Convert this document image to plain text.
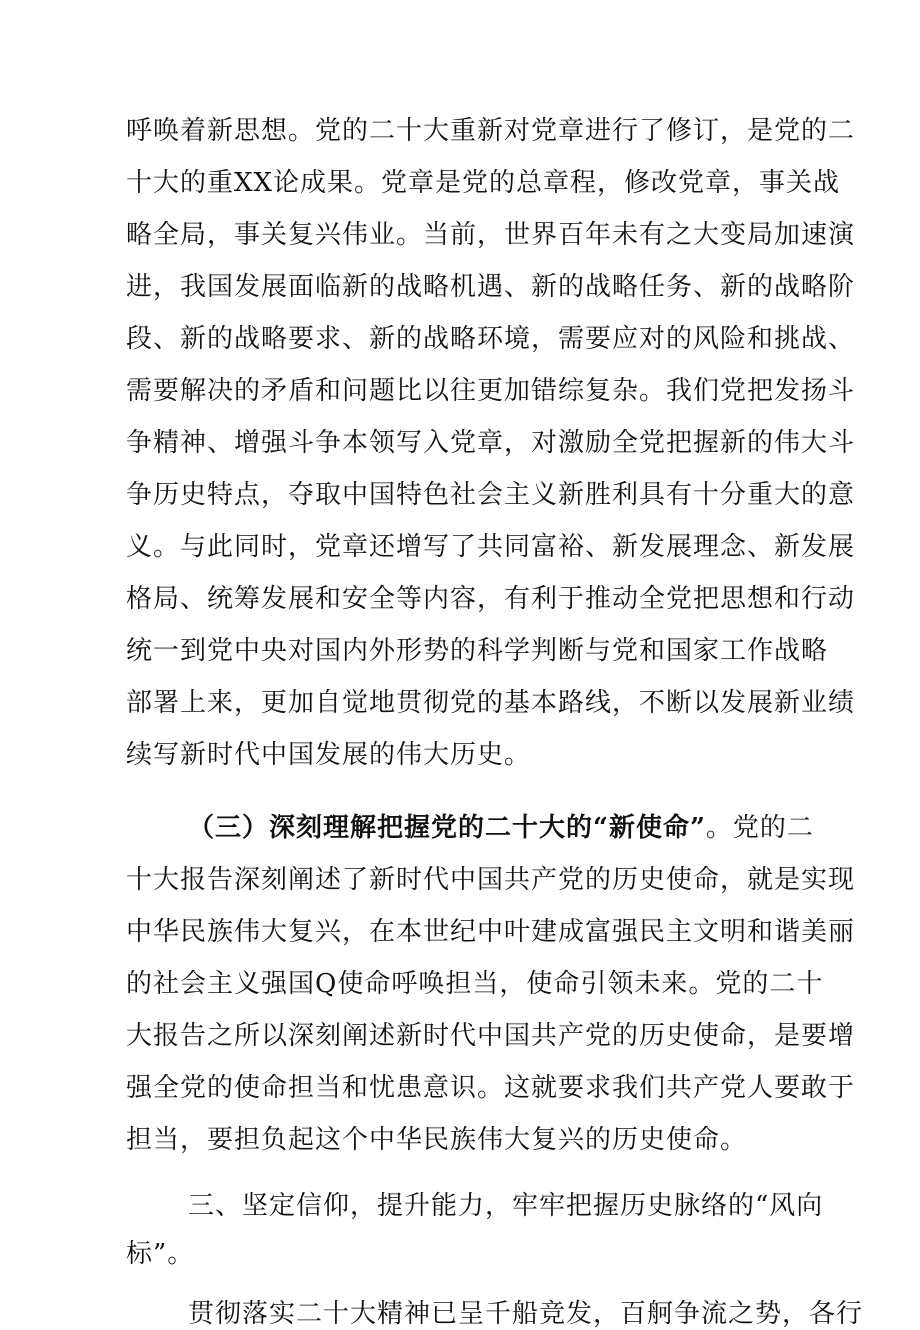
呼唤着新思想。党的二十大重新对党章进行了修订，是党的二
十大的重XX论成果。党章是党的总章程，修改党章，事关战
略全局，事关复兴伟业。当前，世界百年未有之大变局加速演
进，我国发展面临新的战略机遇、新的战略任务、新的战略阶
段、新的战略要求、新的战略环境，需要应对的风险和挑战、
需要解决的矛盾和问题比以往更加错综复杂。我们党把发扬斗
争精神、增强斗争本领写入党章，对激励全党把握新的伟大斗
争历史特点，夺取中国特色社会主义新胜利具有十分重大的意
义。与此同时，党章还增写了共同富裕、新发展理念、新发展
格局、统筹发展和安全等内容，有利于推动全党把思想和行动
统一到党中央对国内外形势的科学判断与党和国家工作战略
部署上来，更加自觉地贯彻党的基本路线，不断以发展新业绩
续写新时代中国发展的伟大历史。
（三）深刻理解把握党的二十大的“新使命”。党的二
十大报告深刻阐述了新时代中国共产党的历史使命，就是实现
中华民族伟大复兴，在本世纪中叶建成富强民主文明和谐美丽
的社会主义强国Q使命呼唤担当，使命引领未来。党的二十
大报告之所以深刻阐述新时代中国共产党的历史使命，是要增
强全党的使命担当和忧患意识。这就要求我们共产党人要敢于
担当，要担负起这个中华民族伟大复兴的历史使命。
三、坚定信仰，提升能力，牢牢把握历史脉络的“风向
标”。
贯彻落实二十大精神已呈千船竞发，百舸争流之势，各行
